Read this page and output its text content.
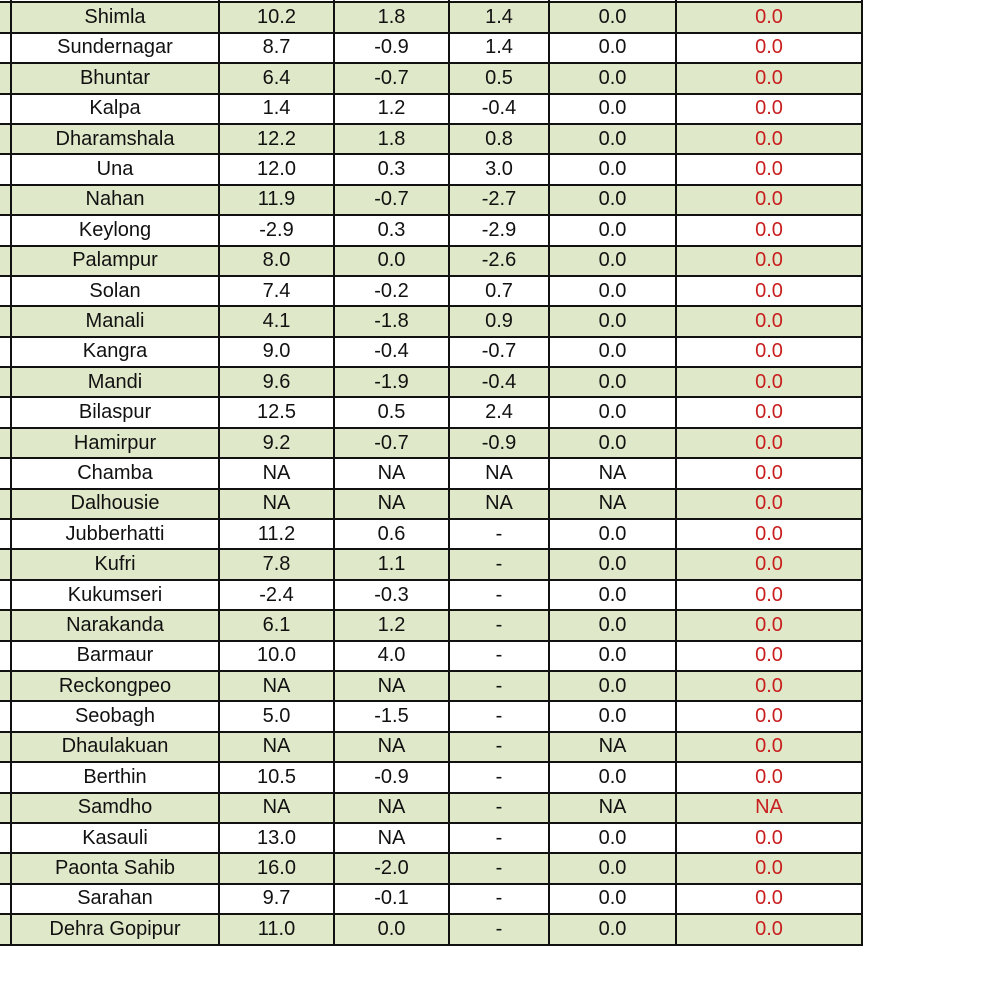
	Shimla	10.2	1.8	1.4	0.0	0.0
	Sundernagar	8.7	-0.9	1.4	0.0	0.0
	Bhuntar	6.4	-0.7	0.5	0.0	0.0
	Kalpa	1.4	1.2	-0.4	0.0	0.0
	Dharamshala	12.2	1.8	0.8	0.0	0.0
	Una	12.0	0.3	3.0	0.0	0.0
	Nahan	11.9	-0.7	-2.7	0.0	0.0
	Keylong	-2.9	0.3	-2.9	0.0	0.0
	Palampur	8.0	0.0	-2.6	0.0	0.0
	Solan	7.4	-0.2	0.7	0.0	0.0
	Manali	4.1	-1.8	0.9	0.0	0.0
	Kangra	9.0	-0.4	-0.7	0.0	0.0
	Mandi	9.6	-1.9	-0.4	0.0	0.0
	Bilaspur	12.5	0.5	2.4	0.0	0.0
	Hamirpur	9.2	-0.7	-0.9	0.0	0.0
	Chamba	NA	NA	NA	NA	0.0
	Dalhousie	NA	NA	NA	NA	0.0
	Jubberhatti	11.2	0.6	-	0.0	0.0
	Kufri	7.8	1.1	-	0.0	0.0
	Kukumseri	-2.4	-0.3	-	0.0	0.0
	Narakanda	6.1	1.2	-	0.0	0.0
	Barmaur	10.0	4.0	-	0.0	0.0
	Reckongpeo	NA	NA	-	0.0	0.0
	Seobagh	5.0	-1.5	-	0.0	0.0
	Dhaulakuan	NA	NA	-	NA	0.0
	Berthin	10.5	-0.9	-	0.0	0.0
	Samdho	NA	NA	-	NA	NA
	Kasauli	13.0	NA	-	0.0	0.0
	Paonta Sahib	16.0	-2.0	-	0.0	0.0
	Sarahan	9.7	-0.1	-	0.0	0.0
	Dehra Gopipur	11.0	0.0	-	0.0	0.0
